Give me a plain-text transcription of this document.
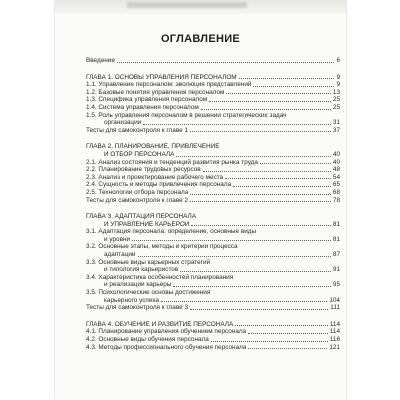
ОГЛАВЛЕНИЕ
Введение	6
ГЛАВА 1. ОСНОВЫ УПРАВЛЕНИЯ ПЕРСОНАЛОМ	9
1.1. Управление персоналом: эволюция представлений	9
1.2. Базовые понятия управления персоналом	13
1.3. Специфика управления персоналом	25
1.4. Система управления персоналом	25
1.5. Роль управления персоналом в решении стратегических задач
организации	31
Тесты для самоконтроля к главе 1	37
ГЛАВА 2. ПЛАНИРОВАНИЕ, ПРИВЛЕЧЕНИЕ
И ОТБОР ПЕРСОНАЛА	40
2.1. Анализ состояния и тенденций развития рынка труда	40
2.2. Планирование трудовых ресурсов	48
2.3. Анализ и проектирование рабочего места	54
2.4. Сущность и методы привлечения персонала	65
2.5. Технологии отбора персонала	68
Тесты для самоконтроля к главе 2	78
ГЛАВА 3. АДАПТАЦИЯ ПЕРСОНАЛА
И УПРАВЛЕНИЕ КАРЬЕРОЙ	81
3.1. Адаптация персонала: определение, основные виды
и уровни	81
3.2. Основные этапы, методы и критерии процесса
адаптации	87
3.3. Основные виды карьерных стратегий
и типология карьеристов	91
3.4. Характеристика особенностей планирования
и реализации карьеры	95
3.5. Психологические основы достижения
карьерного успеха	104
Тесты для самоконтроля к главе 3	111
ГЛАВА 4. ОБУЧЕНИЕ И РАЗВИТИЕ ПЕРСОНАЛА	114
4.1. Планирование управления обучением персонала	114
4.2. Основные виды обучения персонала	116
4.3. Методы профессионального обучения персонала	121
